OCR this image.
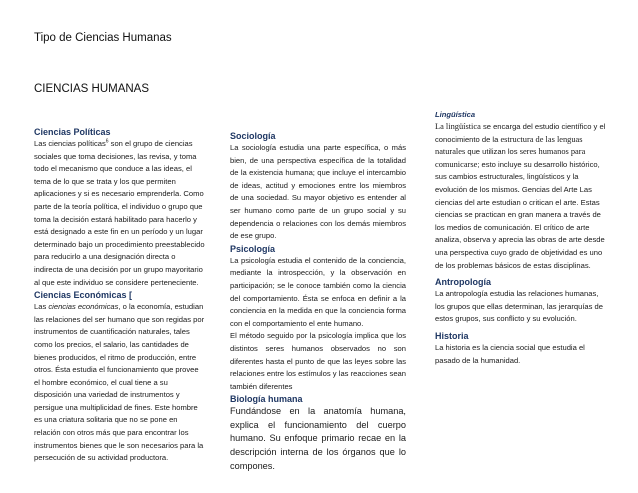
Tipo de Ciencias Humanas
CIENCIAS HUMANAS

Ciencias Políticas

Las ciencias políticas$^6$ son el grupo de ciencias sociales que toma decisiones, las revisa, y toma todo el mecanismo que conduce a las ideas, el tema de lo que se trata y los que permiten aplicaciones y si es necesario emprenderla. Como parte de la teoría política, el individuo o grupo que toma la decisión estará habilitado para hacerlo y está designado a este fin en un período y un lugar determinado bajo un procedimiento preestablecido para reducirlo a una designación directa o indirecta de una decisión por un grupo mayoritario al que este individuo se considere perteneciente.

Ciencias Económicas [

Las ciencias económicas, o la economía, estudian las relaciones del ser humano que son regidas por instrumentos de cuantificación naturales, tales como los precios, el salario, las cantidades de bienes producidos, el ritmo de producción, entre otros. Ésta estudia el funcionamiento que provee el hombre económico, el cual tiene a su disposición una variedad de instrumentos y persigue una multiplicidad de fines. Este hombre es una criatura solitaria que no se pone en relación con otros más que para encontrar los instrumentos bienes que le son necesarios para la persecución de su actividad productora.

Sociología

La sociología estudia una parte específica, o más bien, de una perspectiva específica de la totalidad de la existencia humana; que incluye el intercambio de ideas, actitud y emociones entre los miembros de una sociedad. Su mayor objetivo es entender al ser humano como parte de un grupo social y su dependencia o relaciones con los demás miembros de ese grupo.

Psicología

La psicología estudia el contenido de la conciencia, mediante la introspección, y la observación en participación; se le conoce también como la ciencia del comportamiento. Ésta se enfoca en definir a la conciencia en la medida en que la conciencia forma con el comportamiento el ente humano.

El método seguido por la psicología implica que los distintos seres humanos observados no son diferentes hasta el punto de que las leyes sobre las relaciones entre los estímulos y las reacciones sean también diferentes

Biología humana

Fundándose en la anatomía humana, explica el funcionamiento del cuerpo humano. Su enfoque primario recae en la descripción interna de los órganos que lo compones.

Lingüística

La lingüística se encarga del estudio científico y el conocimiento de la estructura de las lenguas naturales que utilizan los seres humanos para comunicarse; esto incluye su desarrollo histórico, sus cambios estructurales, lingüísticos y la evolución de los mismos. Gencias del Arte Las ciencias del arte estudian o critican el arte. Estas ciencias se practican en gran manera a través de los medios de comunicación. El crítico de arte analiza, observa y aprecia las obras de arte desde una perspectiva cuyo grado de objetividad es uno de los problemas básicos de estas disciplinas.

Antropología

La antropología estudia las relaciones humanas, los grupos que ellas determinan, las jerarquías de estos grupos, sus conflicto y su evolución.

Historia

La historia es la ciencia social que estudia el pasado de la humanidad.
